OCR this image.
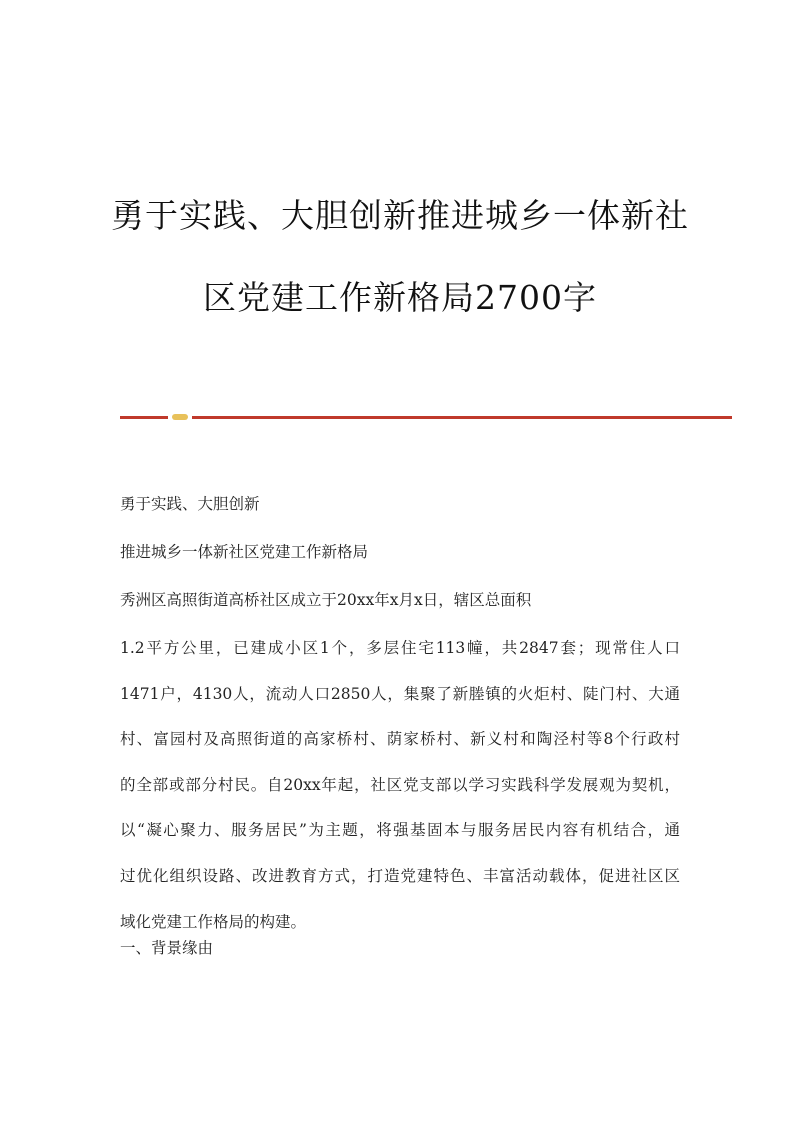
勇于实践、大胆创新推进城乡一体新社
区党建工作新格局2700字
勇于实践、大胆创新
推进城乡一体新社区党建工作新格局
秀洲区高照街道高桥社区成立于20xx年x月x日，辖区总面积
1.2平方公里，已建成小区1个，多层住宅113幢，共2847套；现常住人口
1471户，4130人，流动人口2850人，集聚了新塍镇的火炬村、陡门村、大通
村、富园村及高照街道的高家桥村、荫家桥村、新义村和陶泾村等8个行政村
的全部或部分村民。自20xx年起，社区党支部以学习实践科学发展观为契机，
以“凝心聚力、服务居民”为主题，将强基固本与服务居民内容有机结合，通
过优化组织设路、改进教育方式，打造党建特色、丰富活动载体，促进社区区
域化党建工作格局的构建。
一、背景缘由
